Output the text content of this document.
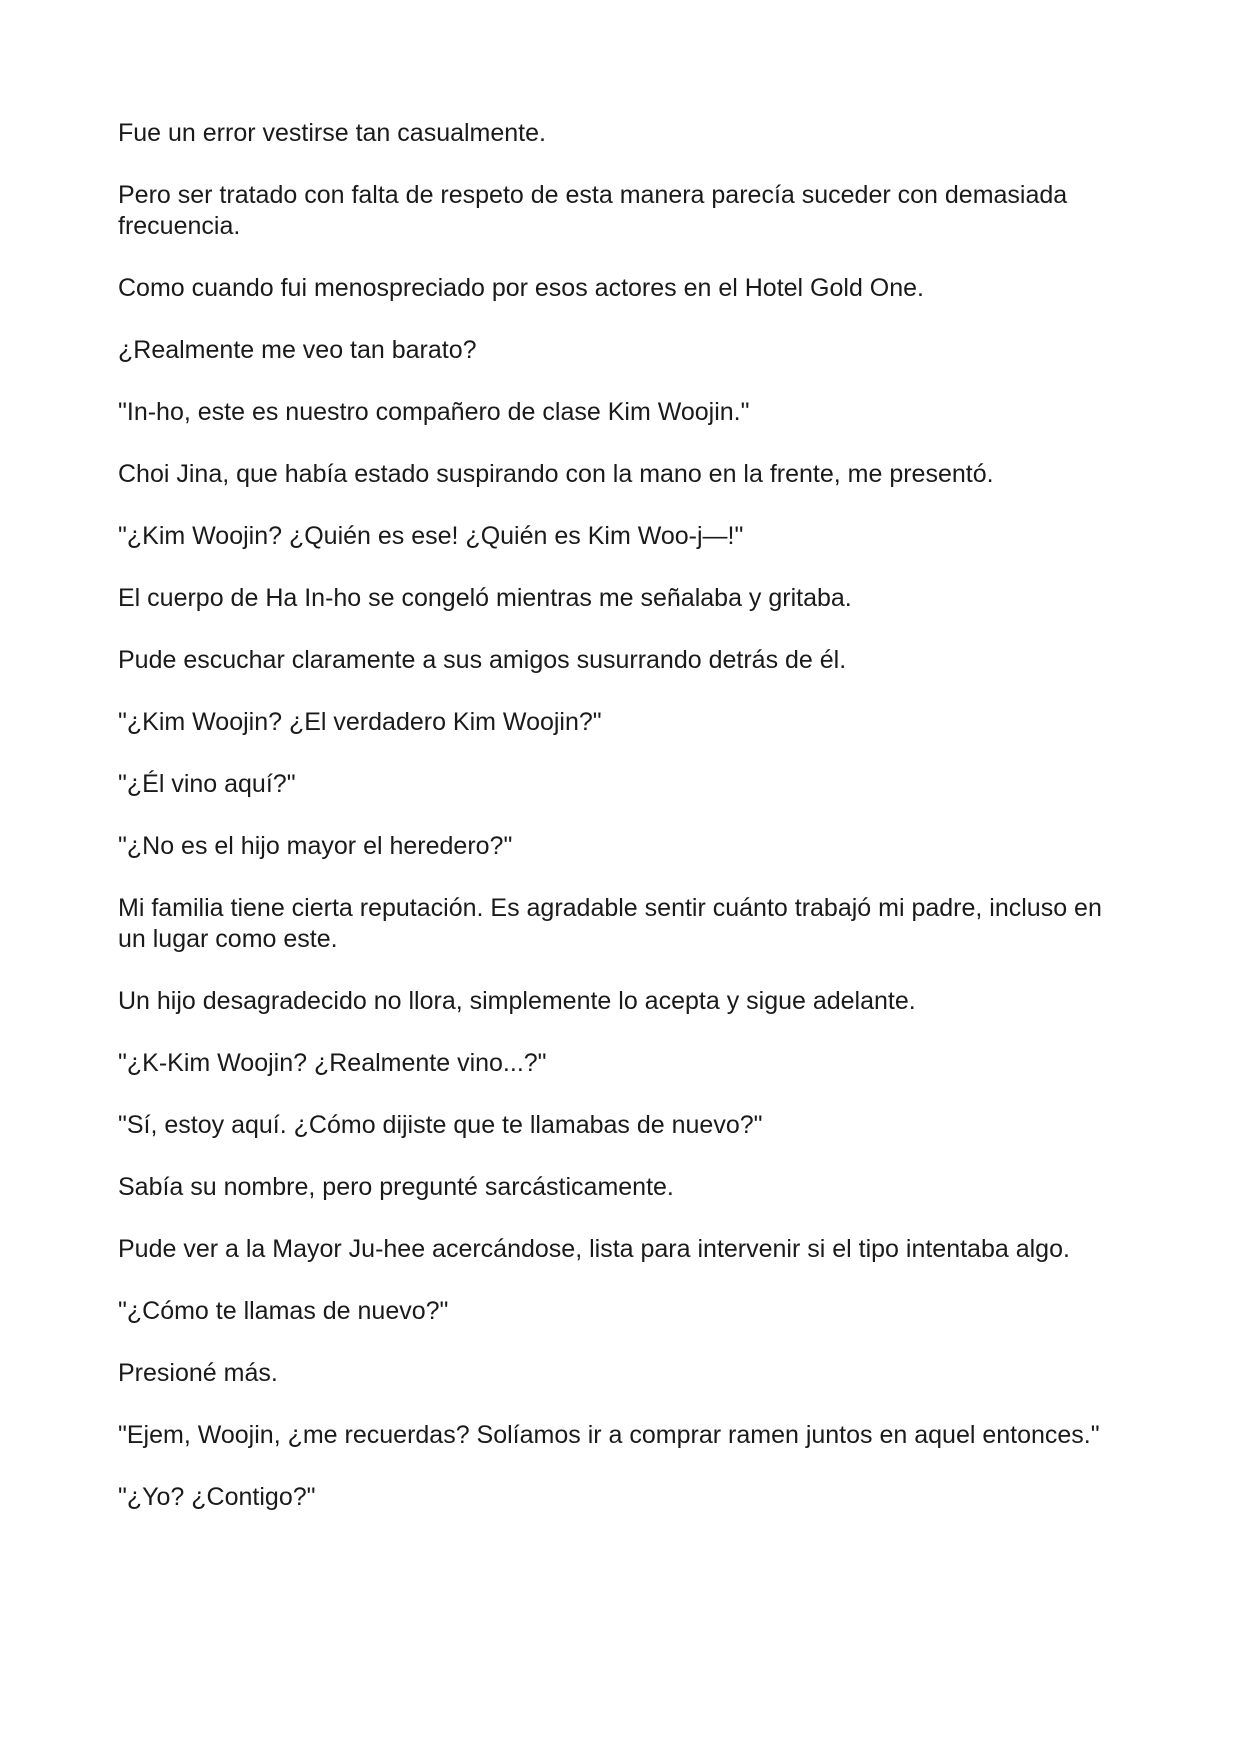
Fue un error vestirse tan casualmente.

Pero ser tratado con falta de respeto de esta manera parecía suceder con demasiada frecuencia.

Como cuando fui menospreciado por esos actores en el Hotel Gold One.

¿Realmente me veo tan barato?

"In-ho, este es nuestro compañero de clase Kim Woojin."

Choi Jina, que había estado suspirando con la mano en la frente, me presentó.

"¿Kim Woojin? ¿Quién es ese! ¿Quién es Kim Woo-j—!"

El cuerpo de Ha In-ho se congeló mientras me señalaba y gritaba.

Pude escuchar claramente a sus amigos susurrando detrás de él.

"¿Kim Woojin? ¿El verdadero Kim Woojin?"

"¿Él vino aquí?"

"¿No es el hijo mayor el heredero?"

Mi familia tiene cierta reputación. Es agradable sentir cuánto trabajó mi padre, incluso en un lugar como este.

Un hijo desagradecido no llora, simplemente lo acepta y sigue adelante.

"¿K-Kim Woojin? ¿Realmente vino...?"

"Sí, estoy aquí. ¿Cómo dijiste que te llamabas de nuevo?"

Sabía su nombre, pero pregunté sarcásticamente.

Pude ver a la Mayor Ju-hee acercándose, lista para intervenir si el tipo intentaba algo.

"¿Cómo te llamas de nuevo?"

Presioné más.

"Ejem, Woojin, ¿me recuerdas? Solíamos ir a comprar ramen juntos en aquel entonces."

"¿Yo? ¿Contigo?"
